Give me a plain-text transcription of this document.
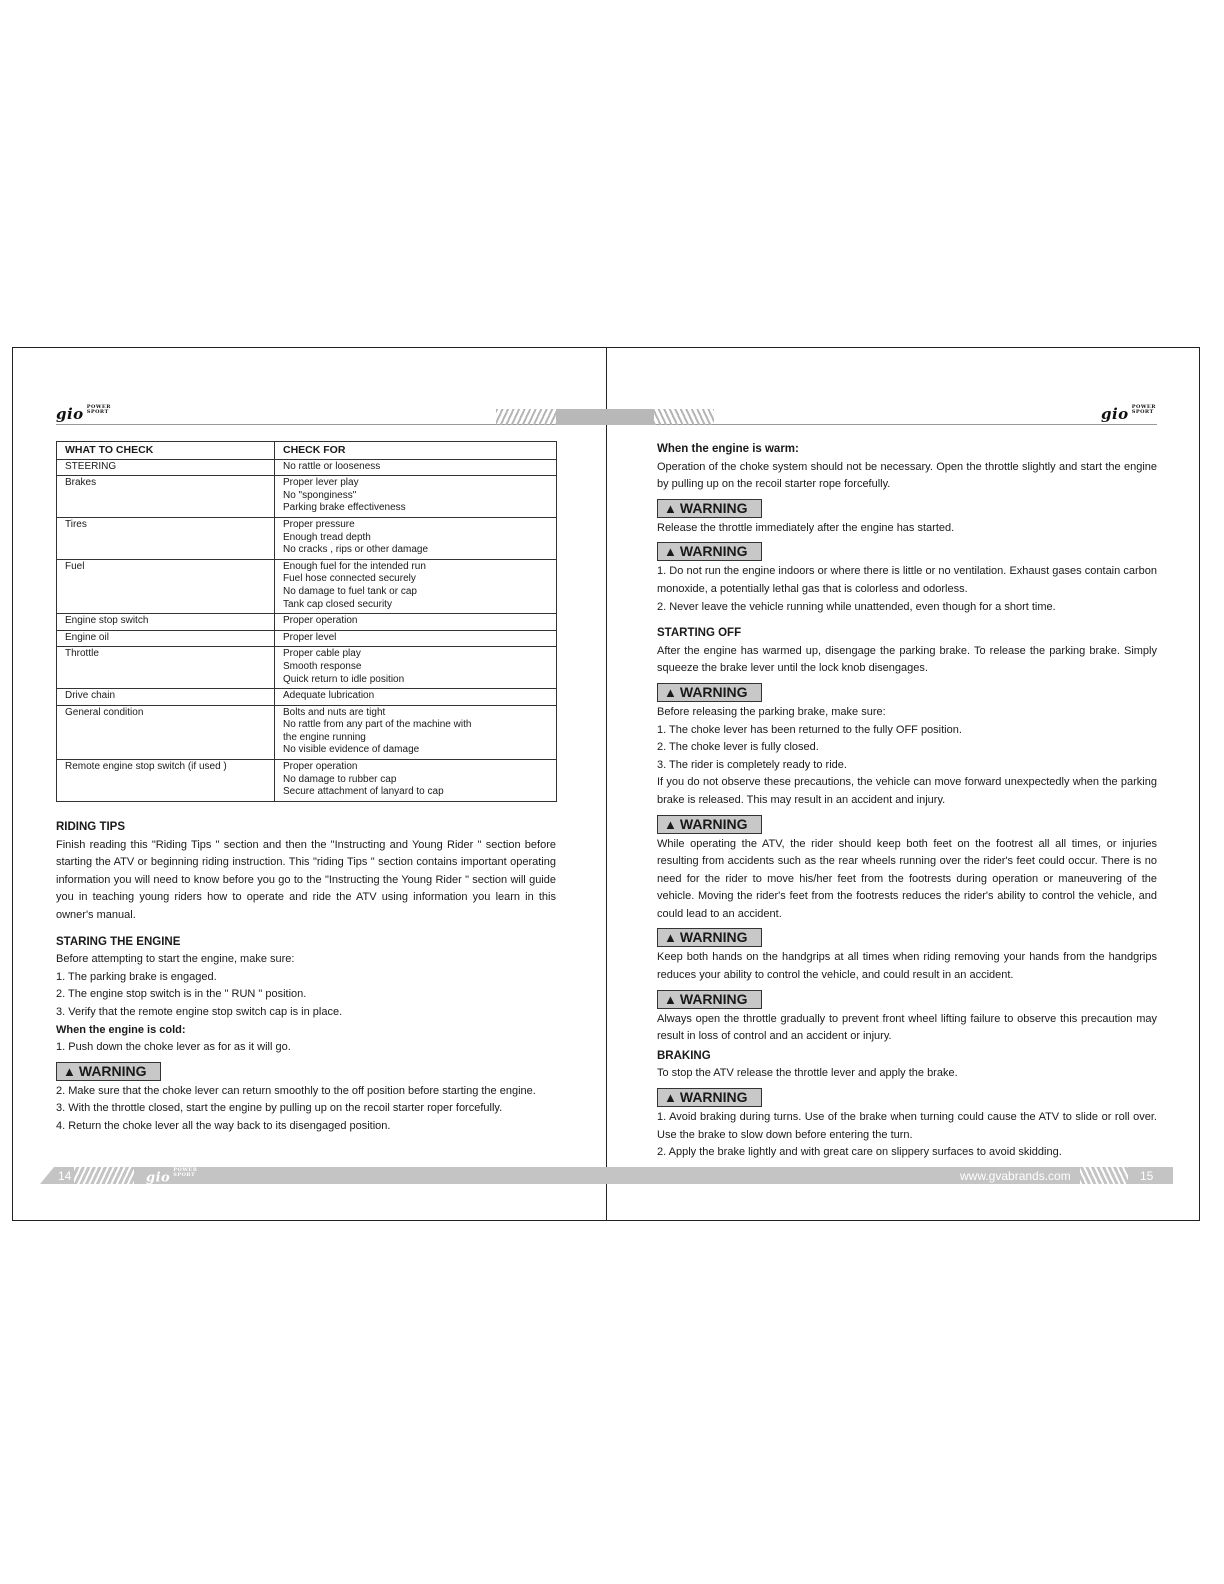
gio POWER SPORT	gio POWER SPORT
WHAT TO CHECK	CHECK FOR
STEERING	No rattle or looseness

Brakes	Proper lever play
No "sponginess"
Parking brake effectiveness

Tires	Proper pressure
Enough tread depth
No cracks , rips or other damage

Fuel	Enough fuel for the intended run
Fuel hose connected securely
No damage to fuel tank or cap
Tank cap closed security

Engine stop switch	Proper operation

Engine oil	Proper level

Throttle	Proper cable play
Smooth response
Quick return to idle position

Drive chain	Adequate lubrication

General condition	Bolts and nuts are tight
No rattle from any part of the machine with
the engine running
No visible evidence of damage

Remote engine stop switch (if used )	Proper operation
No damage to rubber cap
Secure attachment of lanyard to cap

RIDING TIPS

Finish reading this "Riding Tips " section and then the "Instructing and Young Rider " section before starting the ATV or beginning riding instruction. This "riding Tips " section contains important operating information you will need to know before you go to the "Instructing the Young Rider " section will guide you in teaching young riders how to operate and ride the ATV using information you learn in this owner's manual.

STARING THE ENGINE

Before attempting to start the engine, make sure:

1. The parking brake is engaged.

2. The engine stop switch is in the " RUN " position.

3. Verify that the remote engine stop switch cap is in place.

When the engine is cold:

1. Push down the choke lever as for as it will go.

▲ WARNING

2. Make sure that the choke lever can return smoothly to the off position before starting the engine.

3. With the throttle closed, start the engine by pulling up on the recoil starter roper forcefully.

4. Return the choke lever all the way back to its disengaged position.

When the engine is warm:

Operation of the choke system should not be necessary. Open the throttle slightly and start the engine by pulling up on the recoil starter rope forcefully.

▲ WARNING

Release the throttle immediately after the engine has started.

▲ WARNING

1. Do not run the engine indoors or where there is little or no ventilation. Exhaust gases contain carbon monoxide, a potentially lethal gas that is colorless and odorless.

2. Never leave the vehicle running while unattended, even though for a short time.

STARTING OFF

After the engine has warmed up, disengage the parking brake. To release the parking brake. Simply squeeze the brake lever until the lock knob disengages.

▲ WARNING

Before releasing the parking brake, make sure:

1. The choke lever has been returned to the fully OFF position.

2. The choke lever is fully closed.

3. The rider is completely ready to ride.

If you do not observe these precautions, the vehicle can move forward unexpectedly when the parking brake is released. This may result in an accident and injury.

▲ WARNING

While operating the ATV, the rider should keep both feet on the footrest all all times, or injuries resulting from accidents such as the rear wheels running over the rider's feet could occur. There is no need for the rider to move his/her feet from the footrests during operation or maneuvering of the vehicle. Moving the rider's feet from the footrests reduces the rider's ability to control the vehicle, and could lead to an accident.

▲ WARNING

Keep both hands on the handgrips at all times when riding removing your hands from the handgrips reduces your ability to control the vehicle, and could result in an accident.

▲ WARNING

Always open the throttle gradually to prevent front wheel lifting failure to observe this precaution may result in loss of control and an accident or injury.

BRAKING

To stop the ATV release the throttle lever and apply the brake.

▲ WARNING

1. Avoid braking during turns. Use of the brake when turning could cause the ATV to slide or roll over. Use the brake to slow down before entering the turn.

2. Apply the brake lightly and with great care on slippery surfaces to avoid skidding.

14	gioPOWER SPORT	www.gvabrands.com	15
